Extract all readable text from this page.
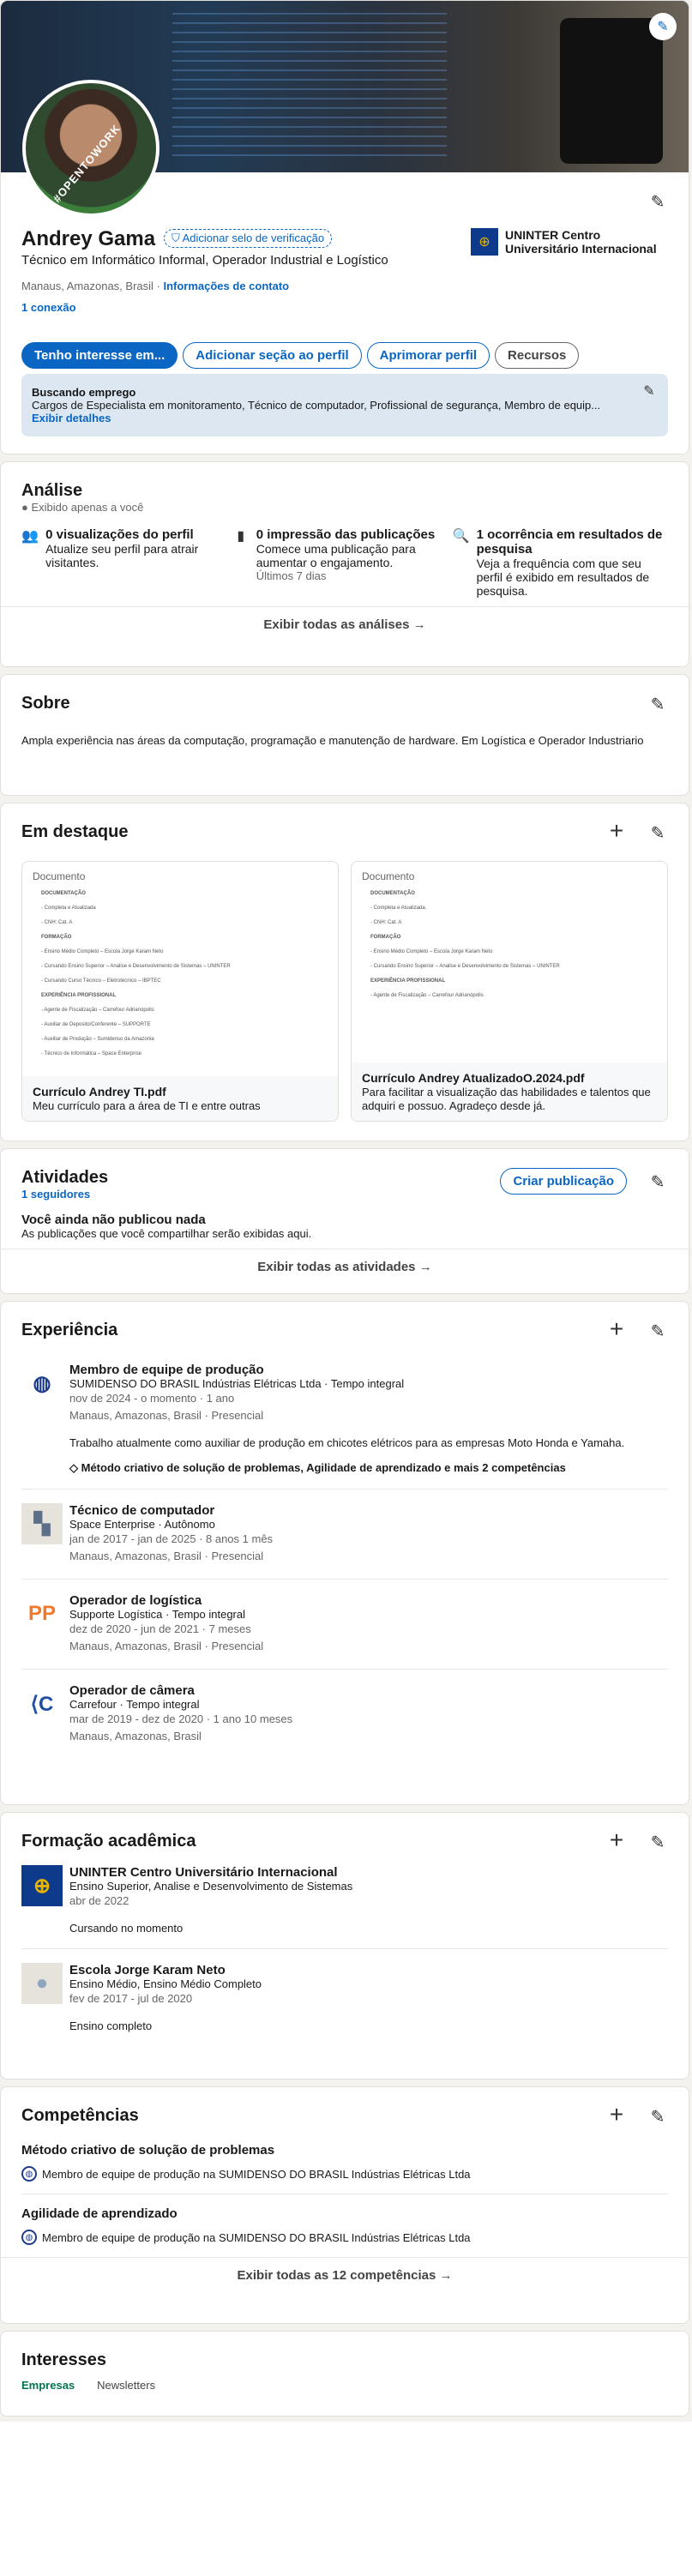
✎
#OPENTOWORK	✎
Andrey Gama ⛉ Adicionar selo de verificação
Técnico em Informático Informal, Operador Industrial e Logístico
Manaus, Amazonas, Brasil · Informações de contato
1 conexão
⊕	UNINTER Centro Universitário Internacional
Tenho interesse em...	Adicionar seção ao perfil	Aprimorar perfil	Recursos
Buscando emprego
Cargos de Especialista em monitoramento, Técnico de computador, Profissional de segurança, Membro de equip...
Exibir detalhes
✎
Análise
● Exibido apenas a você
👥 0 visualizações do perfil
Atualize seu perfil para atrair visitantes.
▮ 0 impressão das publicações
Comece uma publicação para aumentar o engajamento.
Últimos 7 dias
🔍 1 ocorrência em resultados de pesquisa
Veja a frequência com que seu perfil é exibido em resultados de pesquisa.
Exibir todas as análises →
Sobre	✎

Ampla experiência nas áreas da computação, programação e manutenção de hardware. Em Logística e Operador Industriario

Em destaque	+ ✎
Documento

DOCUMENTAÇÃO

- Completa e Atualizada

- CNH: Cat. A

FORMAÇÃO

- Ensino Médio Completo – Escola Jorge Karam Neto

- Cursando Ensino Superior – Analise e Desenvolvimento de Sistemas – UNINTER

- Cursando Curso Técnico – Eletrotécnico – IBPTEC

EXPERIÊNCIA PROFISSIONAL

- Agente de Fiscalização – Carrefour Adrianópolis

- Auxiliar de Deposito/Conferente – SUPPORTE

- Auxiliar de Produção – Sumidenso da Amazonia

- Técnico de Informática – Space Enterprise

Currículo Andrey TI.pdf
Meu currículo para a área de TI e entre outras
Documento

DOCUMENTAÇÃO

- Completa e Atualizada.

- CNH: Cat. A

FORMAÇÃO

- Ensino Médio Completo – Escola Jorge Karam Neto

- Cursando Ensino Superior – Analise e Desenvolvimento de Sistemas – UNINTER

EXPERIÊNCIA PROFISSIONAL

- Agente de Fiscalização – Carrefour Adrianópolis

Currículo Andrey AtualizadoO.2024.pdf
Para facilitar a visualização das habilidades e talentos que adquiri e possuo. Agradeço desde já.
Atividades
1 seguidores
Criar publicação	✎
Você ainda não publicou nada
As publicações que você compartilhar serão exibidas aqui.
Exibir todas as atividades →
Experiência	+ ✎
◍
Membro de equipe de produção
SUMIDENSO DO BRASIL Indústrias Elétricas Ltda · Tempo integral
nov de 2024 - o momento · 1 ano
Manaus, Amazonas, Brasil · Presencial
Trabalho atualmente como auxiliar de produção em chicotes elétricos para as empresas Moto Honda e Yamaha.
◇ Método criativo de solução de problemas, Agilidade de aprendizado e mais 2 competências
▚
Técnico de computador
Space Enterprise · Autônomo
jan de 2017 - jan de 2025 · 8 anos 1 mês
Manaus, Amazonas, Brasil · Presencial
PP
Operador de logística
Supporte Logística · Tempo integral
dez de 2020 - jun de 2021 · 7 meses
Manaus, Amazonas, Brasil · Presencial
⟨C
Operador de câmera
Carrefour · Tempo integral
mar de 2019 - dez de 2020 · 1 ano 10 meses
Manaus, Amazonas, Brasil
Formação acadêmica	+ ✎
⊕
UNINTER Centro Universitário Internacional
Ensino Superior, Analise e Desenvolvimento de Sistemas
abr de 2022
Cursando no momento
●
Escola Jorge Karam Neto
Ensino Médio, Ensino Médio Completo
fev de 2017 - jul de 2020
Ensino completo
Competências	+ ✎
Método criativo de solução de problemas
◍ Membro de equipe de produção na SUMIDENSO DO BRASIL Indústrias Elétricas Ltda
Agilidade de aprendizado
◍ Membro de equipe de produção na SUMIDENSO DO BRASIL Indústrias Elétricas Ltda
Exibir todas as 12 competências →
Interesses
Empresas Newsletters
